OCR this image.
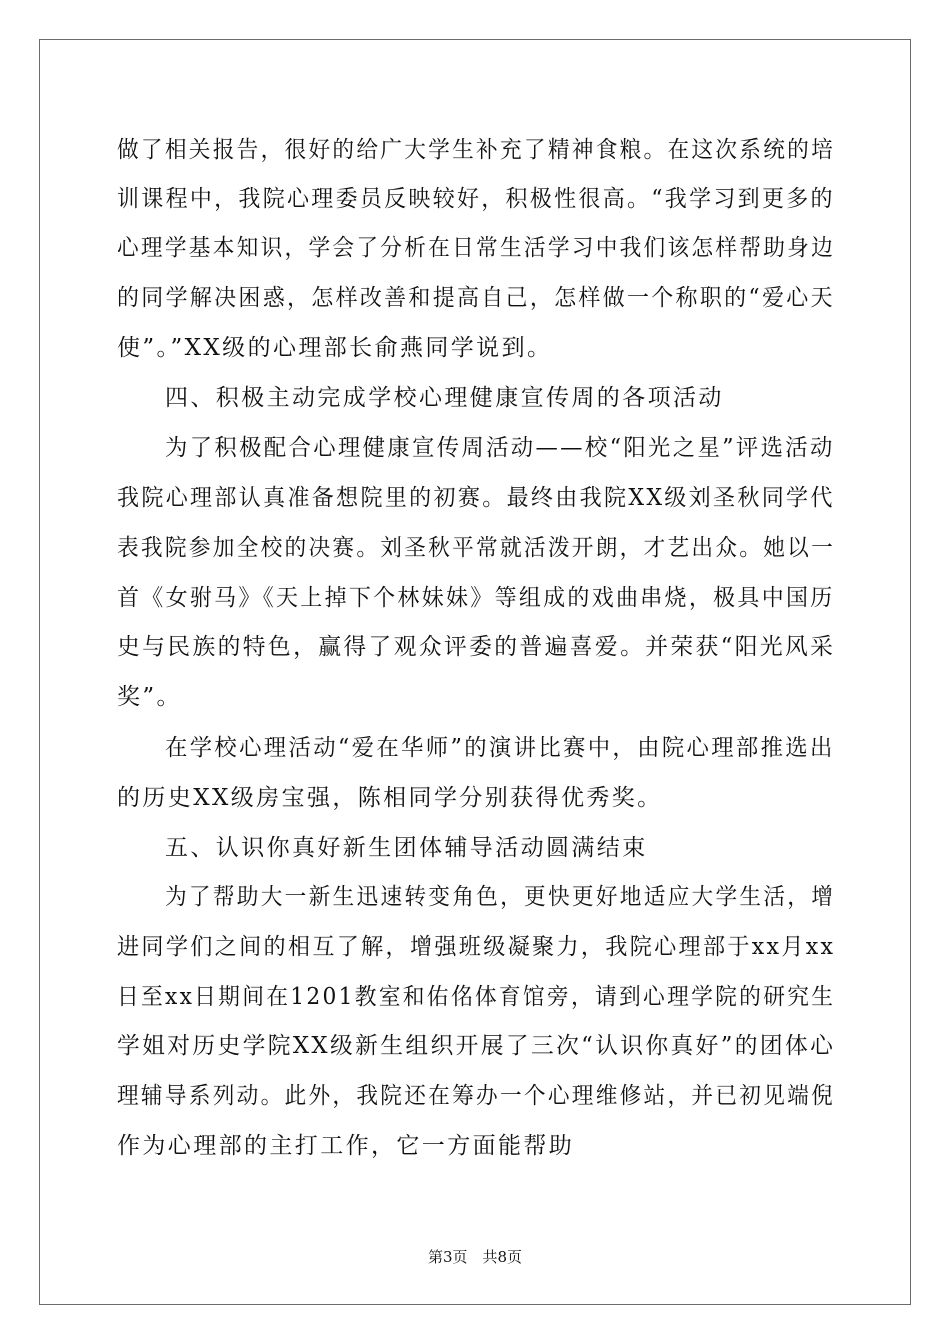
做了相关报告，很好的给广大学生补充了精神食粮。在这次系统的培
训课程中，我院心理委员反映较好，积极性很高。“我学习到更多的
心理学基本知识，学会了分析在日常生活学习中我们该怎样帮助身边
的同学解决困惑，怎样改善和提高自己，怎样做一个称职的“爱心天
使”。”XX级的心理部长俞燕同学说到。
四、积极主动完成学校心理健康宣传周的各项活动
为了积极配合心理健康宣传周活动——校“阳光之星”评选活动
我院心理部认真准备想院里的初赛。最终由我院XX级刘圣秋同学代
表我院参加全校的决赛。刘圣秋平常就活泼开朗，才艺出众。她以一
首《女驸马》《天上掉下个林妹妹》等组成的戏曲串烧，极具中国历
史与民族的特色，赢得了观众评委的普遍喜爱。并荣获“阳光风采
奖”。
在学校心理活动“爱在华师”的演讲比赛中，由院心理部推选出
的历史XX级房宝强，陈相同学分别获得优秀奖。
五、认识你真好新生团体辅导活动圆满结束
为了帮助大一新生迅速转变角色，更快更好地适应大学生活，增
进同学们之间的相互了解，增强班级凝聚力，我院心理部于xx月xx
日至xx日期间在1201教室和佑佲体育馆旁，请到心理学院的研究生
学姐对历史学院XX级新生组织开展了三次“认识你真好”的团体心
理辅导系列动。此外，我院还在筹办一个心理维修站，并已初见端倪
作为心理部的主打工作，它一方面能帮助
第3页　共8页
